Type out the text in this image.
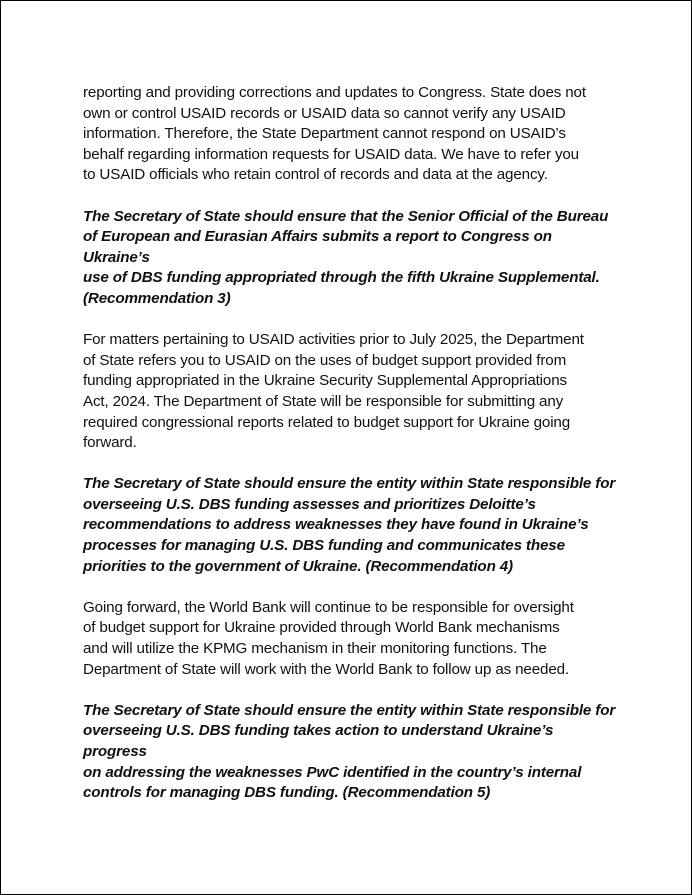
reporting and providing corrections and updates to Congress. State does not
own or control USAID records or USAID data so cannot verify any USAID
information. Therefore, the State Department cannot respond on USAID’s
behalf regarding information requests for USAID data. We have to refer you
to USAID officials who retain control of records and data at the agency.

The Secretary of State should ensure that the Senior Official of the Bureau
of European and Eurasian Affairs submits a report to Congress on Ukraine’s
use of DBS funding appropriated through the fifth Ukraine Supplemental.
(Recommendation 3)

For matters pertaining to USAID activities prior to July 2025, the Department
of State refers you to USAID on the uses of budget support provided from
funding appropriated in the Ukraine Security Supplemental Appropriations
Act, 2024. The Department of State will be responsible for submitting any
required congressional reports related to budget support for Ukraine going
forward.

The Secretary of State should ensure the entity within State responsible for
overseeing U.S. DBS funding assesses and prioritizes Deloitte’s
recommendations to address weaknesses they have found in Ukraine’s
processes for managing U.S. DBS funding and communicates these
priorities to the government of Ukraine. (Recommendation 4)

Going forward, the World Bank will continue to be responsible for oversight
of budget support for Ukraine provided through World Bank mechanisms
and will utilize the KPMG mechanism in their monitoring functions. The
Department of State will work with the World Bank to follow up as needed.

The Secretary of State should ensure the entity within State responsible for
overseeing U.S. DBS funding takes action to understand Ukraine’s progress
on addressing the weaknesses PwC identified in the country’s internal
controls for managing DBS funding. (Recommendation 5)
